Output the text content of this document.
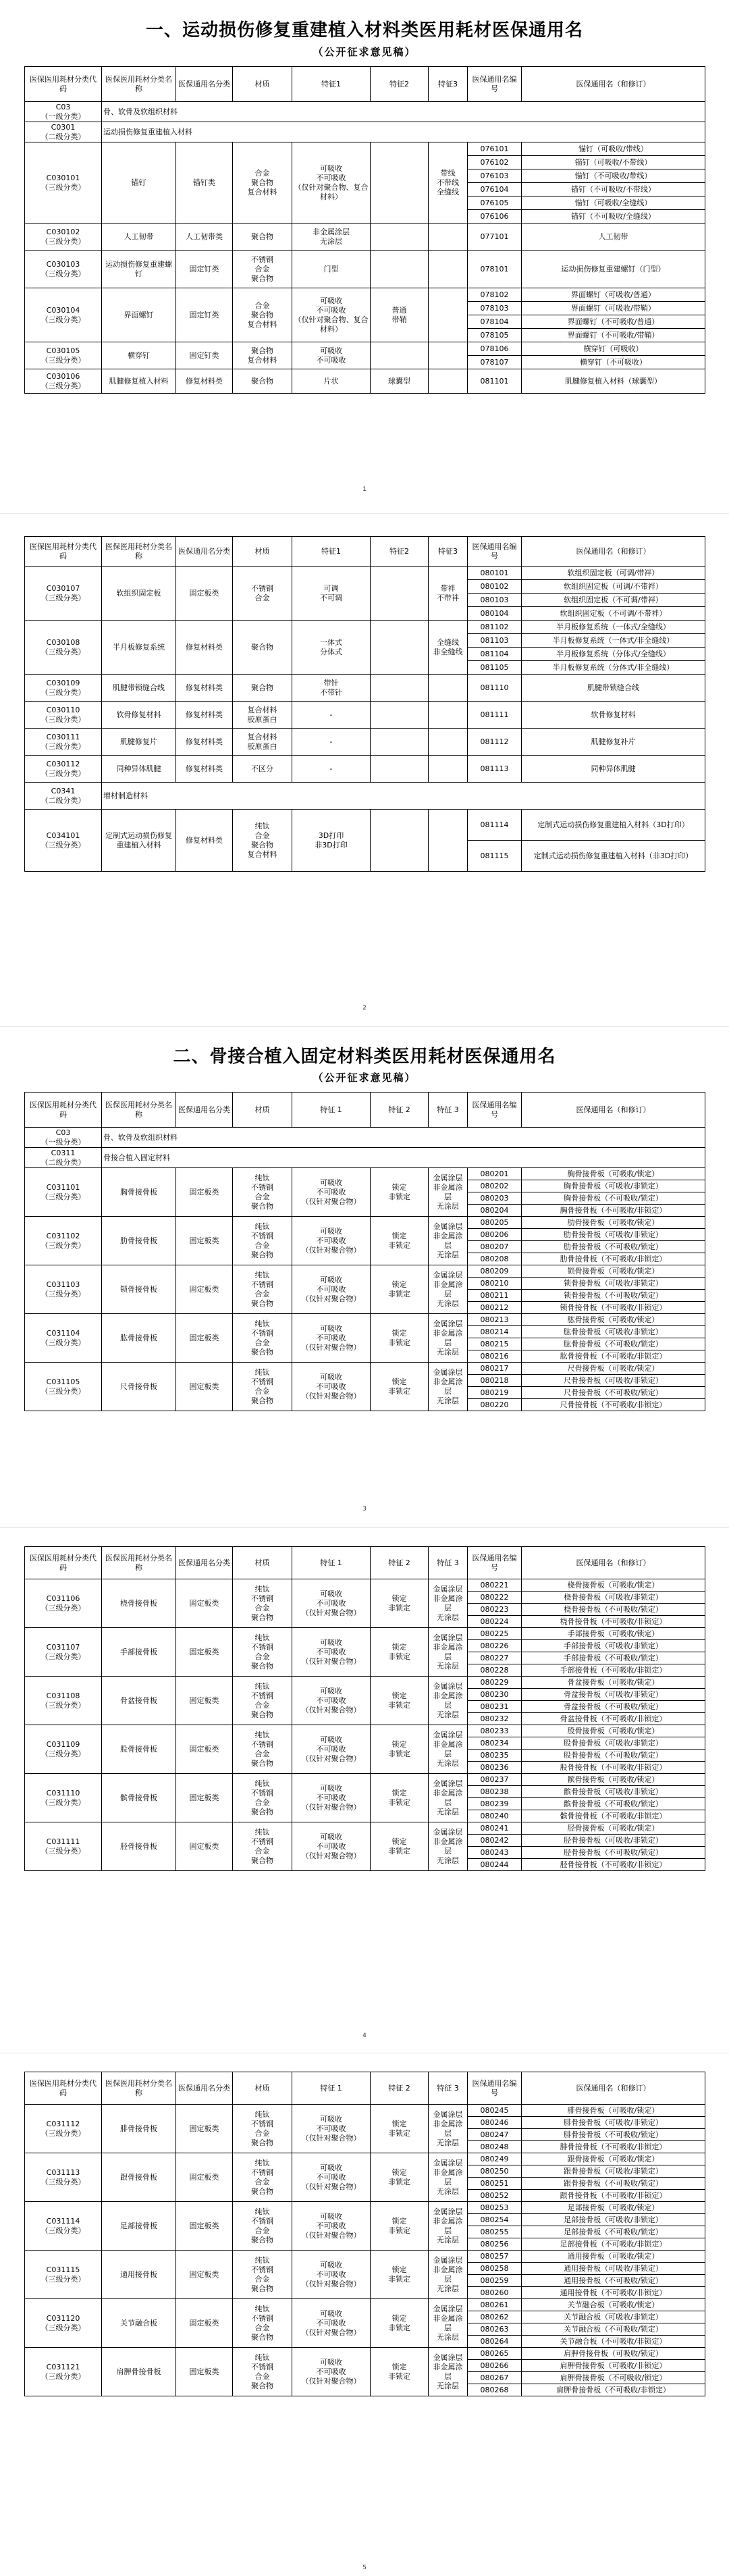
一、运动损伤修复重建植入材料类医用耗材医保通用名
（公开征求意见稿）
医保医用耗材分类代码	医保医用耗材分类名称	医保通用名分类	材质	特征1	特征2	特征3	医保通用名编号	医保通用名（和修订）
C03
（一级分类）	骨、软骨及软组织材料							
C0301
（二级分类）	运动损伤修复重建植入材料							
C030101
（三级分类）	锚钉	锚钉类	合金
聚合物
复合材料	可吸收
不可吸收
（仅针对聚合物、复合材料）		带线
不带线
全缝线	076101	锚钉（可吸收/带线）
							076102	锚钉（可吸收/不带线）
							076103	锚钉（不可吸收/带线）
							076104	锚钉（不可吸收/不带线）
							076105	锚钉（可吸收/全缝线）
							076106	锚钉（不可吸收/全缝线）
C030102
（三级分类）	人工韧带	人工韧带类	聚合物	非金属涂层
无涂层			077101	人工韧带
C030103
（三级分类）	运动损伤修复重建螺钉	固定钉类	不锈钢
合金
聚合物	门型			078101	运动损伤修复重建螺钉（门型）
C030104
（三级分类）	界面螺钉	固定钉类	合金
聚合物
复合材料	可吸收
不可吸收
（仅针对聚合物、复合材料）	普通
带鞘		078102	界面螺钉（可吸收/普通）
							078103	界面螺钉（可吸收/带鞘）
							078104	界面螺钉（不可吸收/普通）
							078105	界面螺钉（不可吸收/带鞘）
C030105
（三级分类）	横穿钉	固定钉类	聚合物
复合材料	可吸收
不可吸收			078106	横穿钉（可吸收）
							078107	横穿钉（不可吸收）
C030106
（三级分类）	肌腱修复植入材料	修复材料类	聚合物	片状	球囊型		081101	肌腱修复植入材料（球囊型）
1
医保医用耗材分类代码	医保医用耗材分类名称	医保通用名分类	材质	特征1	特征2	特征3	医保通用名编号	医保通用名（和修订）
C030107
（三级分类）	软组织固定板	固定板类	不锈钢
合金	可调
不可调		带袢
不带袢	080101	软组织固定板（可调/带袢）
							080102	软组织固定板（可调/不带袢）
							080103	软组织固定板（不可调/带袢）
							080104	软组织固定板（不可调/不带袢）
C030108
（三级分类）	半月板修复系统	修复材料类	聚合物	一体式
分体式		全缝线
非全缝线	081102	半月板修复系统（一体式/全缝线）
							081103	半月板修复系统（一体式/非全缝线）
							081104	半月板修复系统（分体式/全缝线）
							081105	半月板修复系统（分体式/非全缝线）
C030109
（三级分类）	肌腱带锁缝合线	修复材料类	聚合物	带针
不带针			081110	肌腱带锁缝合线
C030110
（三级分类）	软骨修复材料	修复材料类	复合材料
胶原蛋白	-			081111	软骨修复材料
C030111
（三级分类）	肌腱修复片	修复材料类	复合材料
胶原蛋白	-			081112	肌腱修复补片
C030112
（三级分类）	同种异体肌腱	修复材料类	不区分	-			081113	同种异体肌腱
C0341
（二级分类）	增材制造材料							
C034101
（三级分类）	定制式运动损伤修复重建植入材料	修复材料类	纯钛
合金
聚合物
复合材料	3D打印
非3D打印			081114	定制式运动损伤修复重建植入材料（3D打印）
							081115	定制式运动损伤修复重建植入材料（非3D打印）
2
二、骨接合植入固定材料类医用耗材医保通用名
（公开征求意见稿）
医保医用耗材分类代码	医保医用耗材分类名称	医保通用名分类	材质	特征 1	特征 2	特征 3	医保通用名编号	医保通用名（和修订）
C03
（一级分类）	骨、软骨及软组织材料							
C0311
（二级分类）	骨接合植入固定材料							
C031101
（三级分类）	胸骨接骨板	固定板类	纯钛
不锈钢
合金
聚合物	可吸收
不可吸收
（仅针对聚合物）	锁定
非锁定	金属涂层
非金属涂层
无涂层	080201	胸骨接骨板（可吸收/锁定）
							080202	胸骨接骨板（可吸收/非锁定）
							080203	胸骨接骨板（不可吸收/锁定）
							080204	胸骨接骨板（不可吸收/非锁定）
C031102
（三级分类）	肋骨接骨板	固定板类	纯钛
不锈钢
合金
聚合物	可吸收
不可吸收
（仅针对聚合物）	锁定
非锁定	金属涂层
非金属涂层
无涂层	080205	肋骨接骨板（可吸收/锁定）
							080206	肋骨接骨板（可吸收/非锁定）
							080207	肋骨接骨板（不可吸收/锁定）
							080208	肋骨接骨板（不可吸收/非锁定）
C031103
（三级分类）	锁骨接骨板	固定板类	纯钛
不锈钢
合金
聚合物	可吸收
不可吸收
（仅针对聚合物）	锁定
非锁定	金属涂层
非金属涂层
无涂层	080209	锁骨接骨板（可吸收/锁定）
							080210	锁骨接骨板（可吸收/非锁定）
							080211	锁骨接骨板（不可吸收/锁定）
							080212	锁骨接骨板（不可吸收/非锁定）
C031104
（三级分类）	肱骨接骨板	固定板类	纯钛
不锈钢
合金
聚合物	可吸收
不可吸收
（仅针对聚合物）	锁定
非锁定	金属涂层
非金属涂层
无涂层	080213	肱骨接骨板（可吸收/锁定）
							080214	肱骨接骨板（可吸收/非锁定）
							080215	肱骨接骨板（不可吸收/锁定）
							080216	肱骨接骨板（不可吸收/非锁定）
C031105
（三级分类）	尺骨接骨板	固定板类	纯钛
不锈钢
合金
聚合物	可吸收
不可吸收
（仅针对聚合物）	锁定
非锁定	金属涂层
非金属涂层
无涂层	080217	尺骨接骨板（可吸收/锁定）
							080218	尺骨接骨板（可吸收/非锁定）
							080219	尺骨接骨板（不可吸收/锁定）
							080220	尺骨接骨板（不可吸收/非锁定）
3
医保医用耗材分类代码	医保医用耗材分类名称	医保通用名分类	材质	特征 1	特征 2	特征 3	医保通用名编号	医保通用名（和修订）
C031106
（三级分类）	桡骨接骨板	固定板类	纯钛
不锈钢
合金
聚合物	可吸收
不可吸收
（仅针对聚合物）	锁定
非锁定	金属涂层
非金属涂层
无涂层	080221	桡骨接骨板（可吸收/锁定）
							080222	桡骨接骨板（可吸收/非锁定）
							080223	桡骨接骨板（不可吸收/锁定）
							080224	桡骨接骨板（不可吸收/非锁定）
C031107
（三级分类）	手部接骨板	固定板类	纯钛
不锈钢
合金
聚合物	可吸收
不可吸收
（仅针对聚合物）	锁定
非锁定	金属涂层
非金属涂层
无涂层	080225	手部接骨板（可吸收/锁定）
							080226	手部接骨板（可吸收/非锁定）
							080227	手部接骨板（不可吸收/锁定）
							080228	手部接骨板（不可吸收/非锁定）
C031108
（三级分类）	骨盆接骨板	固定板类	纯钛
不锈钢
合金
聚合物	可吸收
不可吸收
（仅针对聚合物）	锁定
非锁定	金属涂层
非金属涂层
无涂层	080229	骨盆接骨板（可吸收/锁定）
							080230	骨盆接骨板（可吸收/非锁定）
							080231	骨盆接骨板（不可吸收/锁定）
							080232	骨盆接骨板（不可吸收/非锁定）
C031109
（三级分类）	股骨接骨板	固定板类	纯钛
不锈钢
合金
聚合物	可吸收
不可吸收
（仅针对聚合物）	锁定
非锁定	金属涂层
非金属涂层
无涂层	080233	股骨接骨板（可吸收/锁定）
							080234	股骨接骨板（可吸收/非锁定）
							080235	股骨接骨板（不可吸收/锁定）
							080236	股骨接骨板（不可吸收/非锁定）
C031110
（三级分类）	髌骨接骨板	固定板类	纯钛
不锈钢
合金
聚合物	可吸收
不可吸收
（仅针对聚合物）	锁定
非锁定	金属涂层
非金属涂层
无涂层	080237	髌骨接骨板（可吸收/锁定）
							080238	髌骨接骨板（可吸收/非锁定）
							080239	髌骨接骨板（不可吸收/锁定）
							080240	髌骨接骨板（不可吸收/非锁定）
C031111
（三级分类）	胫骨接骨板	固定板类	纯钛
不锈钢
合金
聚合物	可吸收
不可吸收
（仅针对聚合物）	锁定
非锁定	金属涂层
非金属涂层
无涂层	080241	胫骨接骨板（可吸收/锁定）
							080242	胫骨接骨板（可吸收/非锁定）
							080243	胫骨接骨板（不可吸收/锁定）
							080244	胫骨接骨板（不可吸收/非锁定）
4
医保医用耗材分类代码	医保医用耗材分类名称	医保通用名分类	材质	特征 1	特征 2	特征 3	医保通用名编号	医保通用名（和修订）
C031112
（三级分类）	腓骨接骨板	固定板类	纯钛
不锈钢
合金
聚合物	可吸收
不可吸收
（仅针对聚合物）	锁定
非锁定	金属涂层
非金属涂层
无涂层	080245	腓骨接骨板（可吸收/锁定）
							080246	腓骨接骨板（可吸收/非锁定）
							080247	腓骨接骨板（不可吸收/锁定）
							080248	腓骨接骨板（不可吸收/非锁定）
C031113
（三级分类）	跟骨接骨板	固定板类	纯钛
不锈钢
合金
聚合物	可吸收
不可吸收
（仅针对聚合物）	锁定
非锁定	金属涂层
非金属涂层
无涂层	080249	跟骨接骨板（可吸收/锁定）
							080250	跟骨接骨板（可吸收/非锁定）
							080251	跟骨接骨板（不可吸收/锁定）
							080252	跟骨接骨板（不可吸收/非锁定）
C031114
（三级分类）	足部接骨板	固定板类	纯钛
不锈钢
合金
聚合物	可吸收
不可吸收
（仅针对聚合物）	锁定
非锁定	金属涂层
非金属涂层
无涂层	080253	足部接骨板（可吸收/锁定）
							080254	足部接骨板（可吸收/非锁定）
							080255	足部接骨板（不可吸收/锁定）
							080256	足部接骨板（不可吸收/非锁定）
C031115
（三级分类）	通用接骨板	固定板类	纯钛
不锈钢
合金
聚合物	可吸收
不可吸收
（仅针对聚合物）	锁定
非锁定	金属涂层
非金属涂层
无涂层	080257	通用接骨板（可吸收/锁定）
							080258	通用接骨板（可吸收/非锁定）
							080259	通用接骨板（不可吸收/锁定）
							080260	通用接骨板（不可吸收/非锁定）
C031120
（三级分类）	关节融合板	固定板类	纯钛
不锈钢
合金
聚合物	可吸收
不可吸收
（仅针对聚合物）	锁定
非锁定	金属涂层
非金属涂层
无涂层	080261	关节融合板（可吸收/锁定）
							080262	关节融合板（可吸收/非锁定）
							080263	关节融合板（不可吸收/锁定）
							080264	关节融合板（不可吸收/非锁定）
C031121
（三级分类）	肩胛骨接骨板	固定板类	纯钛
不锈钢
合金
聚合物	可吸收
不可吸收
（仅针对聚合物）	锁定
非锁定	金属涂层
非金属涂层
无涂层	080265	肩胛骨接骨板（可吸收/锁定）
							080266	肩胛骨接骨板（可吸收/非锁定）
							080267	肩胛骨接骨板（不可吸收/锁定）
							080268	肩胛骨接骨板（不可吸收/非锁定）
5
